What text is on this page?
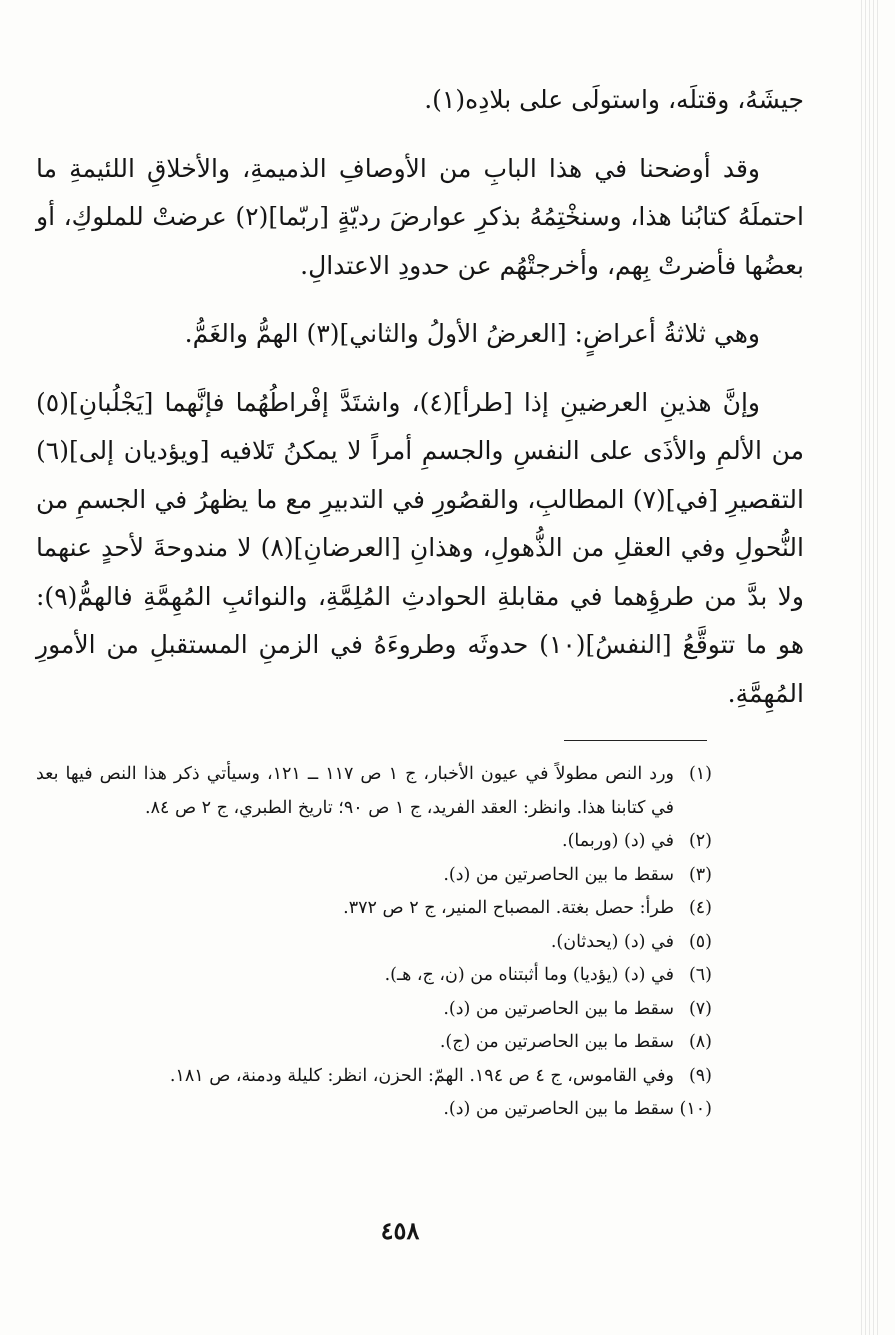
جيشَهُ، وقتلَه، واستولَى على بلادِه(١).

وقد أوضحنا في هذا البابِ من الأوصافِ الذميمةِ، والأخلاقِ اللئيمةِ ما احتملَهُ كتابُنا هذا، وسنخْتِمُهُ بذكرِ عوارضَ رديّةٍ [ربّما](٢) عرضتْ للملوكِ، أو بعضُها فأضرتْ بِهم، وأخرجتْهُم عن حدودِ الاعتدالِ.

وهي ثلاثةُ أعراضٍ: [العرضُ الأولُ والثاني](٣) الهمُّ والغَمُّ.

وإنَّ هذينِ العرضينِ إذا [طرأ](٤)، واشتَدَّ إفْراطُهُما فإنَّهما [يَجْلُبانِ](٥) من الألمِ والأذَى على النفسِ والجسمِ أمراً لا يمكنُ تَلافيه [ويؤديان إلى](٦) التقصيرِ [في](٧) المطالبِ، والقصُورِ في التدبيرِ مع ما يظهرُ في الجسمِ من النُّحولِ وفي العقلِ من الذُّهولِ، وهذانِ [العرضانِ](٨) لا مندوحةَ لأحدٍ عنهما ولا بدَّ من طرؤِهما في مقابلةِ الحوادثِ المُلِمَّةِ، والنوائبِ المُهِمَّةِ فالهمُّ(٩): هو ما تتوقَّعُ [النفسُ](١٠) حدوثَه وطروءَهُ في الزمنِ المستقبلِ من الأمورِ المُهِمَّةِ.

(١)
ورد النص مطولاً في عيون الأخبار، ج ١ ص ١١٧ ــ ١٢١، وسيأتي ذكر هذا النص فيها بعد في كتابنا هذا. وانظر: العقد الفريد، ج ١ ص ٩٠؛ تاريخ الطبري، ج ٢ ص ٨٤.
(٢)
في (د) (وربما).
(٣)
سقط ما بين الحاصرتين من (د).
(٤)
طرأ: حصل بغتة. المصباح المنير، ج ٢ ص ٣٧٢.
(٥)
في (د) (يحدثان).
(٦)
في (د) (يؤديا) وما أثبتناه من (ن، ج، هـ).
(٧)
سقط ما بين الحاصرتين من (د).
(٨)
سقط ما بين الحاصرتين من (ج).
(٩)
وفي القاموس، ج ٤ ص ١٩٤. الهمّ: الحزن، انظر: كليلة ودمنة، ص ١٨١.
(١٠)
سقط ما بين الحاصرتين من (د).
٤٥٨
